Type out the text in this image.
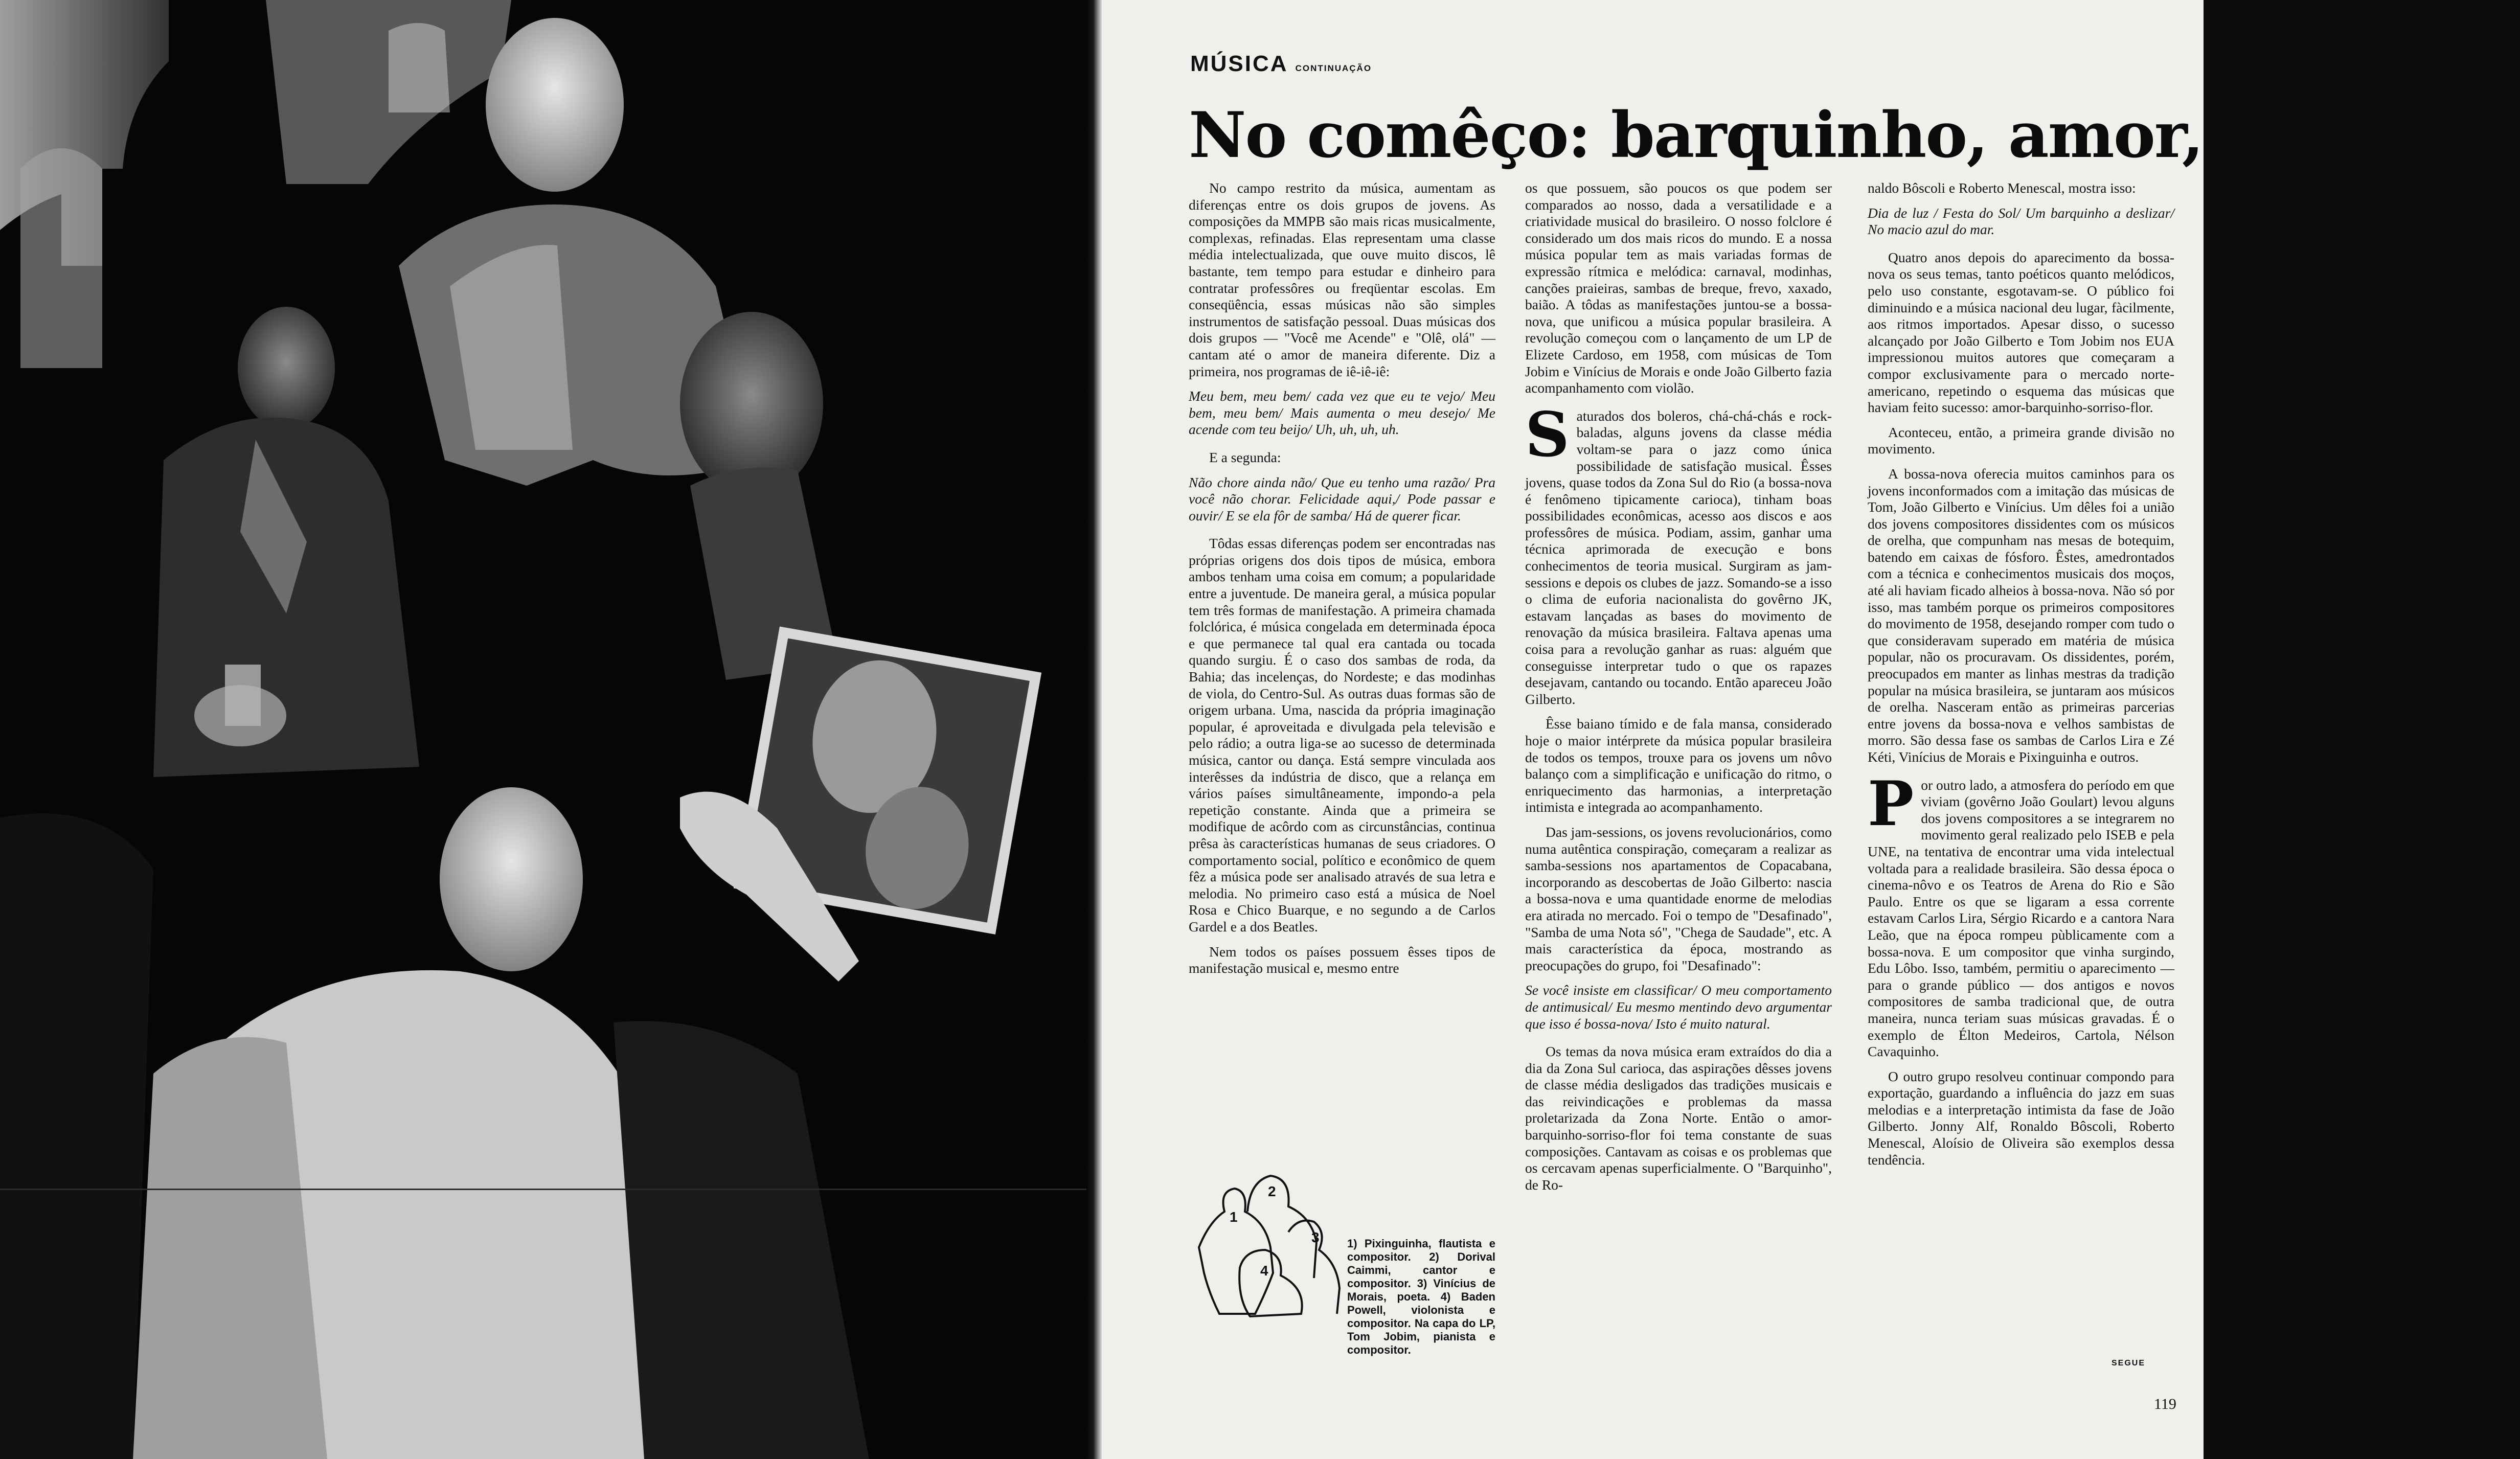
MÚSICA CONTINUAÇÃO
No comêço: barquinho, amor, mar, flor

No campo restrito da música, aumentam as diferenças entre os dois grupos de jovens. As composições da MMPB são mais ricas musicalmente, complexas, refinadas. Elas representam uma classe média intelectualizada, que ouve muito discos, lê bastante, tem tempo para estudar e dinheiro para contratar professôres ou freqüentar escolas. Em conseqüência, essas músicas não são simples instrumentos de satisfação pessoal. Duas músicas dos dois grupos — "Você me Acende" e "Olê, olá" — cantam até o amor de maneira diferente. Diz a primeira, nos programas de iê-iê-iê:

Meu bem, meu bem/ cada vez que eu te vejo/ Meu bem, meu bem/ Mais aumenta o meu desejo/ Me acende com teu beijo/ Uh, uh, uh, uh.

E a segunda:

Não chore ainda não/ Que eu tenho uma razão/ Pra você não chorar. Felicidade aqui,/ Pode passar e ouvir/ E se ela fôr de samba/ Há de querer ficar.

Tôdas essas diferenças podem ser encontradas nas próprias origens dos dois tipos de música, embora ambos tenham uma coisa em comum; a popularidade entre a juventude. De maneira geral, a música popular tem três formas de manifestação. A primeira chamada folclórica, é música congelada em determinada época e que permanece tal qual era cantada ou tocada quando surgiu. É o caso dos sambas de roda, da Bahia; das incelenças, do Nordeste; e das modinhas de viola, do Centro-Sul. As outras duas formas são de origem urbana. Uma, nascida da própria imaginação popular, é aproveitada e divulgada pela televisão e pelo rádio; a outra liga-se ao sucesso de determinada música, cantor ou dança. Está sempre vinculada aos interêsses da indústria de disco, que a relança em vários países simultâneamente, impondo-a pela repetição constante. Ainda que a primeira se modifique de acôrdo com as circunstâncias, continua prêsa às características humanas de seus criadores. O comportamento social, político e econômico de quem fêz a música pode ser analisado através de sua letra e melodia. No primeiro caso está a música de Noel Rosa e Chico Buarque, e no segundo a de Carlos Gardel e a dos Beatles.

Nem todos os países possuem êsses tipos de manifestação musical e, mesmo entre

1
2
3
4
1) Pixinguinha, flautista e compositor. 2) Dorival Caimmi, cantor e compositor. 3) Vinícius de Morais, poeta. 4) Baden Powell, violonista e compositor. Na capa do LP, Tom Jobim, pianista e compositor.

os que possuem, são poucos os que podem ser comparados ao nosso, dada a versatilidade e a criatividade musical do brasileiro. O nosso folclore é considerado um dos mais ricos do mundo. E a nossa música popular tem as mais variadas formas de expressão rítmica e melódica: carnaval, modinhas, canções praieiras, sambas de breque, frevo, xaxado, baião. A tôdas as manifestações juntou-se a bossa-nova, que unificou a música popular brasileira. A revolução começou com o lançamento de um LP de Elizete Cardoso, em 1958, com músicas de Tom Jobim e Vinícius de Morais e onde João Gilberto fazia acompanhamento com violão.

Saturados dos boleros, chá-chá-chás e rock-baladas, alguns jovens da classe média voltam-se para o jazz como única possibilidade de satisfação musical. Êsses jovens, quase todos da Zona Sul do Rio (a bossa-nova é fenômeno tipicamente carioca), tinham boas possibilidades econômicas, acesso aos discos e aos professôres de música. Podiam, assim, ganhar uma técnica aprimorada de execução e bons conhecimentos de teoria musical. Surgiram as jam-sessions e depois os clubes de jazz. Somando-se a isso o clima de euforia nacionalista do govêrno JK, estavam lançadas as bases do movimento de renovação da música brasileira. Faltava apenas uma coisa para a revolução ganhar as ruas: alguém que conseguisse interpretar tudo o que os rapazes desejavam, cantando ou tocando. Então apareceu João Gilberto.

Êsse baiano tímido e de fala mansa, considerado hoje o maior intérprete da música popular brasileira de todos os tempos, trouxe para os jovens um nôvo balanço com a simplificação e unificação do ritmo, o enriquecimento das harmonias, a interpretação intimista e integrada ao acompanhamento.

Das jam-sessions, os jovens revolucionários, como numa autêntica conspiração, começaram a realizar as samba-sessions nos apartamentos de Copacabana, incorporando as descobertas de João Gilberto: nascia a bossa-nova e uma quantidade enorme de melodias era atirada no mercado. Foi o tempo de "Desafinado", "Samba de uma Nota só", "Chega de Saudade", etc. A mais característica da época, mostrando as preocupações do grupo, foi "Desafinado":

Se você insiste em classificar/ O meu comportamento de antimusical/ Eu mesmo mentindo devo argumentar que isso é bossa-nova/ Isto é muito natural.

Os temas da nova música eram extraídos do dia a dia da Zona Sul carioca, das aspirações dêsses jovens de classe média desligados das tradições musicais e das reivindicações e problemas da massa proletarizada da Zona Norte. Então o amor-barquinho-sorriso-flor foi tema constante de suas composições. Cantavam as coisas e os problemas que os cercavam apenas superficialmente. O "Barquinho", de Ro-

naldo Bôscoli e Roberto Menescal, mostra isso:

Dia de luz / Festa do Sol/ Um barquinho a deslizar/ No macio azul do mar.

Quatro anos depois do aparecimento da bossa-nova os seus temas, tanto poéticos quanto melódicos, pelo uso constante, esgotavam-se. O público foi diminuindo e a música nacional deu lugar, fàcilmente, aos ritmos importados. Apesar disso, o sucesso alcançado por João Gilberto e Tom Jobim nos EUA impressionou muitos autores que começaram a compor exclusivamente para o mercado norte-americano, repetindo o esquema das músicas que haviam feito sucesso: amor-barquinho-sorriso-flor.

Aconteceu, então, a primeira grande divisão no movimento.

A bossa-nova oferecia muitos caminhos para os jovens inconformados com a imitação das músicas de Tom, João Gilberto e Vinícius. Um dêles foi a união dos jovens compositores dissidentes com os músicos de orelha, que compunham nas mesas de botequim, batendo em caixas de fósforo. Êstes, amedrontados com a técnica e conhecimentos musicais dos moços, até ali haviam ficado alheios à bossa-nova. Não só por isso, mas também porque os primeiros compositores do movimento de 1958, desejando romper com tudo o que consideravam superado em matéria de música popular, não os procuravam. Os dissidentes, porém, preocupados em manter as linhas mestras da tradição popular na música brasileira, se juntaram aos músicos de orelha. Nasceram então as primeiras parcerias entre jovens da bossa-nova e velhos sambistas de morro. São dessa fase os sambas de Carlos Lira e Zé Kéti, Vinícius de Morais e Pixinguinha e outros.

Por outro lado, a atmosfera do período em que viviam (govêrno João Goulart) levou alguns dos jovens compositores a se integrarem no movimento geral realizado pelo ISEB e pela UNE, na tentativa de encontrar uma vida intelectual voltada para a realidade brasileira. São dessa época o cinema-nôvo e os Teatros de Arena do Rio e São Paulo. Entre os que se ligaram a essa corrente estavam Carlos Lira, Sérgio Ricardo e a cantora Nara Leão, que na época rompeu pùblicamente com a bossa-nova. E um compositor que vinha surgindo, Edu Lôbo. Isso, também, permitiu o aparecimento — para o grande público — dos antigos e novos compositores de samba tradicional que, de outra maneira, nunca teriam suas músicas gravadas. É o exemplo de Élton Medeiros, Cartola, Nélson Cavaquinho.

O outro grupo resolveu continuar compondo para exportação, guardando a influência do jazz em suas melodias e a interpretação intimista da fase de João Gilberto. Jonny Alf, Ronaldo Bôscoli, Roberto Menescal, Aloísio de Oliveira são exemplos dessa tendência.

SEGUE
119
